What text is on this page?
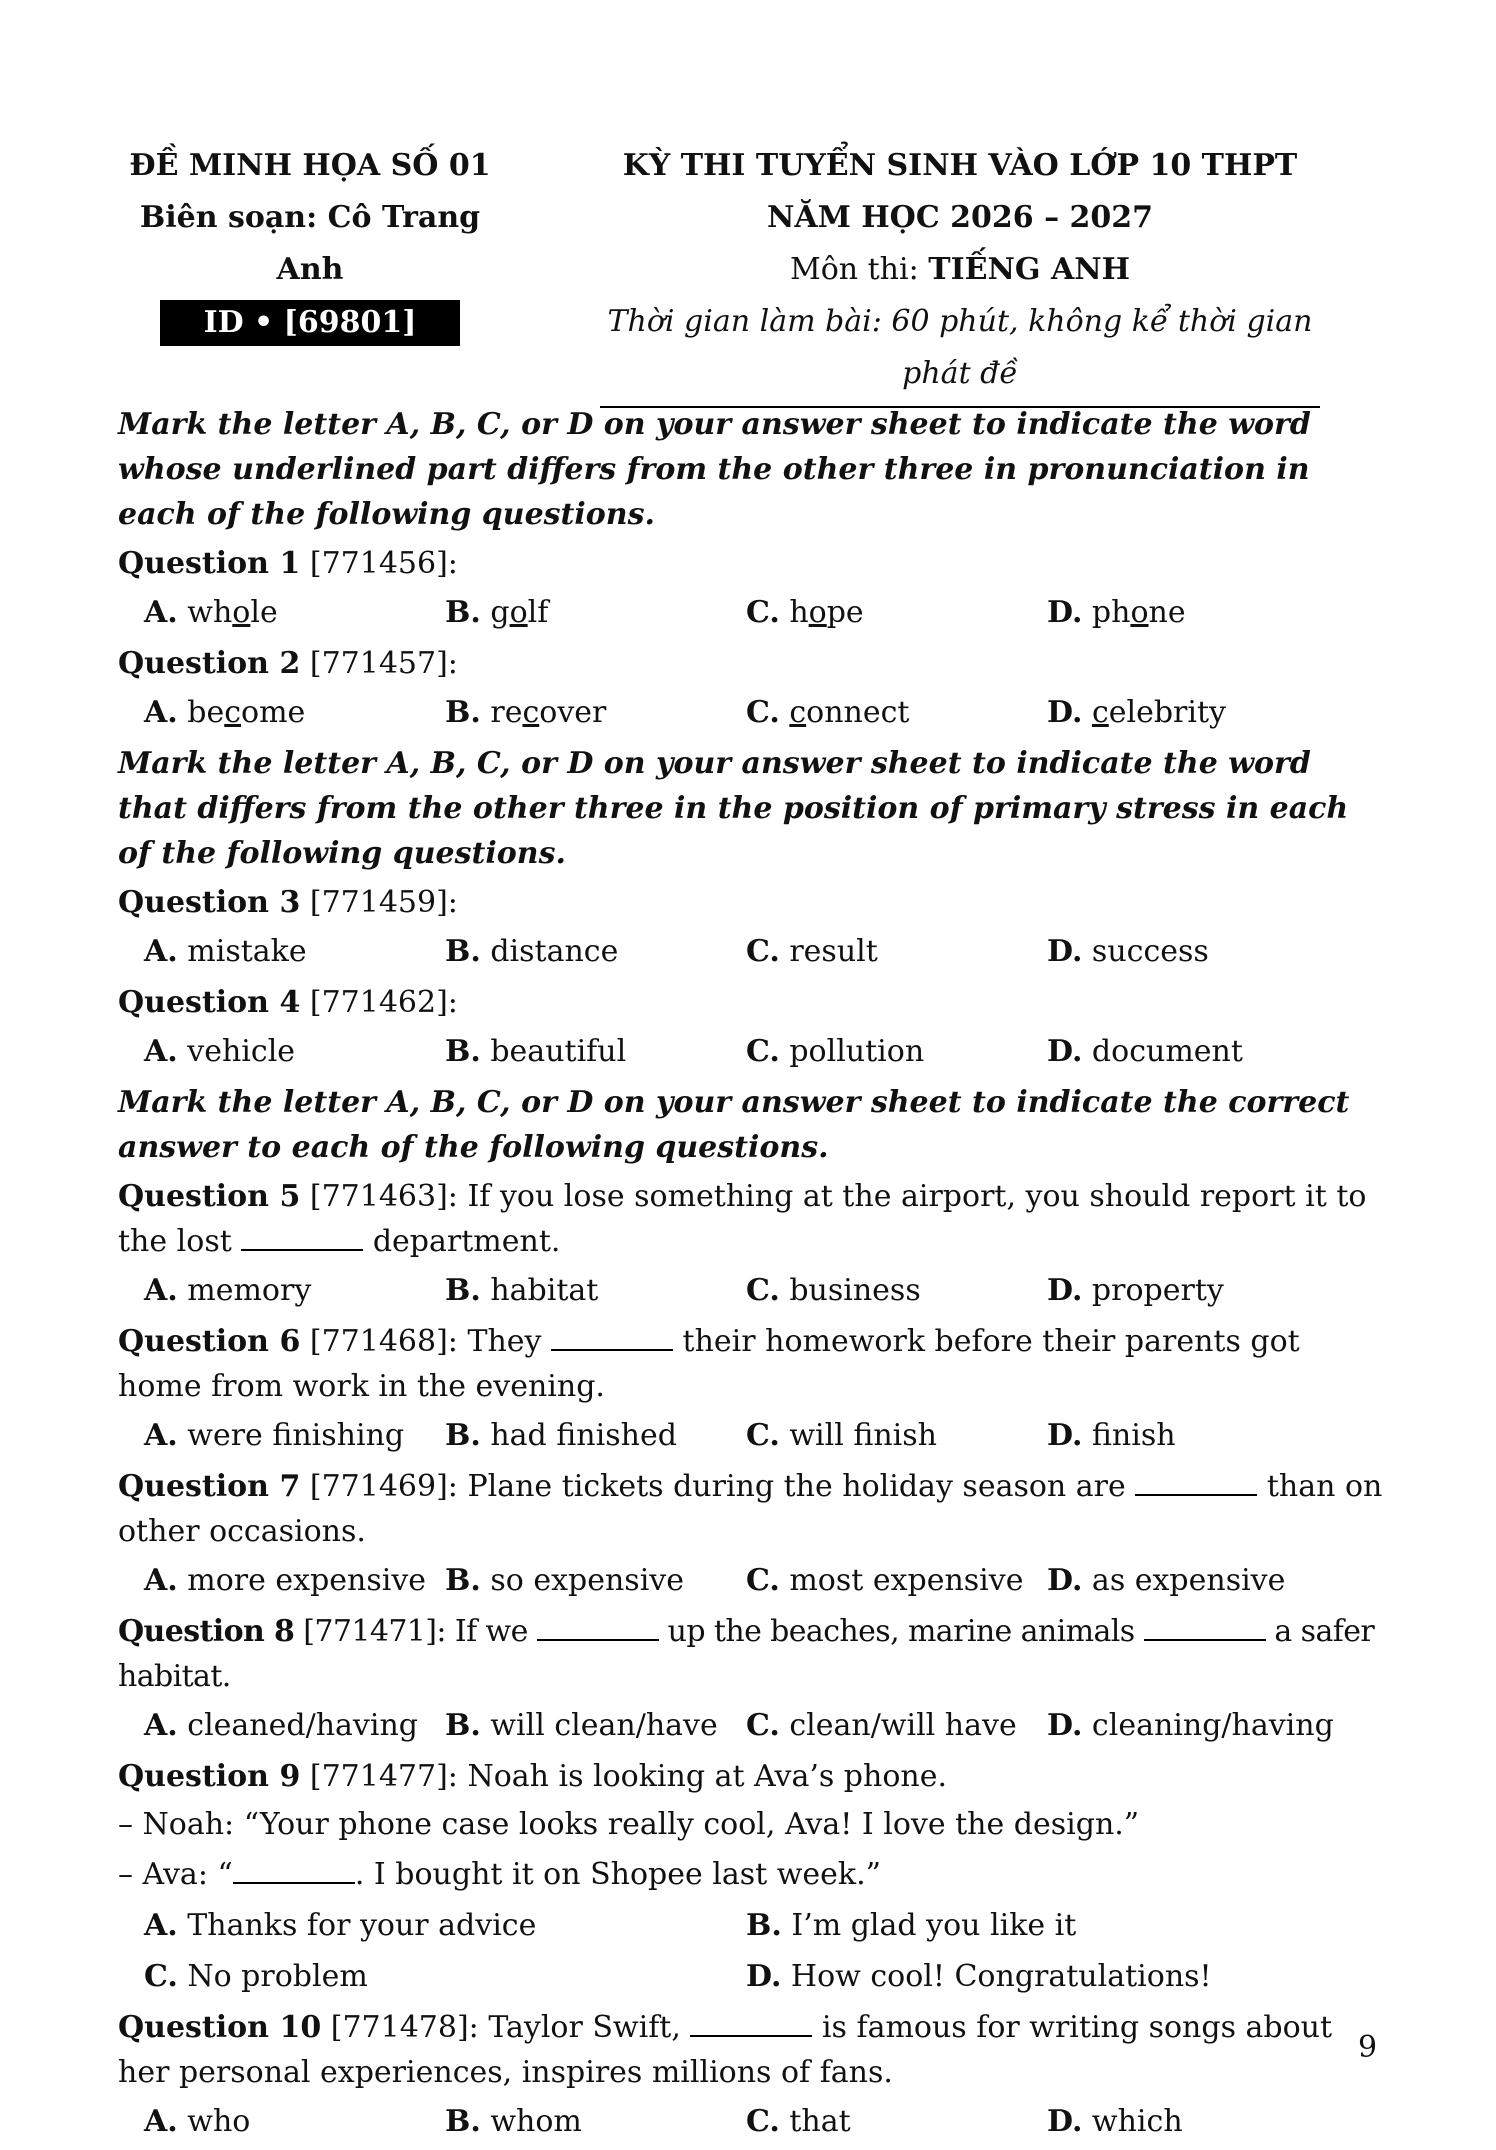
ĐỀ MINH HỌA SỐ 01
Biên soạn: Cô Trang Anh
ID • [69801]
KỲ THI TUYỂN SINH VÀO LỚP 10 THPT
NĂM HỌC 2026 – 2027
Môn thi: TIẾNG ANH
Thời gian làm bài: 60 phút, không kể thời gian phát đề
Mark the letter A, B, C, or D on your answer sheet to indicate the word whose underlined part differs from the other three in pronunciation in each of the following questions.
Question 1 [771456]:
A. whole	B. golf	C. hope	D. phone
Question 2 [771457]:
A. become	B. recover	C. connect	D. celebrity
Mark the letter A, B, C, or D on your answer sheet to indicate the word that differs from the other three in the position of primary stress in each of the following questions.
Question 3 [771459]:
A. mistake	B. distance	C. result	D. success
Question 4 [771462]:
A. vehicle	B. beautiful	C. pollution	D. document
Mark the letter A, B, C, or D on your answer sheet to indicate the correct answer to each of the following questions.
Question 5 [771463]: If you lose something at the airport, you should report it to the lost	department.
A. memory	B. habitat	C. business	D. property
Question 6 [771468]: They	their homework before their parents got home from work in the evening.
A. were finishing	B. had finished	C. will finish	D. finish
Question 7 [771469]: Plane tickets during the holiday season are	than on other occasions.
A. more expensive B. so expensive	C. most expensive D. as expensive
Question 8 [771471]: If we	up the beaches, marine animals	a safer habitat.
A. cleaned/having B. will clean/have C. clean/will have	D. cleaning/having
Question 9 [771477]: Noah is looking at Ava’s phone.
– Noah: “Your phone case looks really cool, Ava! I love the design.”
– Ava: “	. I bought it on Shopee last week.”
A. Thanks for your advice	B. I’m glad you like it
C. No problem	D. How cool! Congratulations!
Question 10 [771478]: Taylor Swift,	is famous for writing songs about her personal experiences, inspires millions of fans.
A. who	B. whom	C. that	D. which
9
